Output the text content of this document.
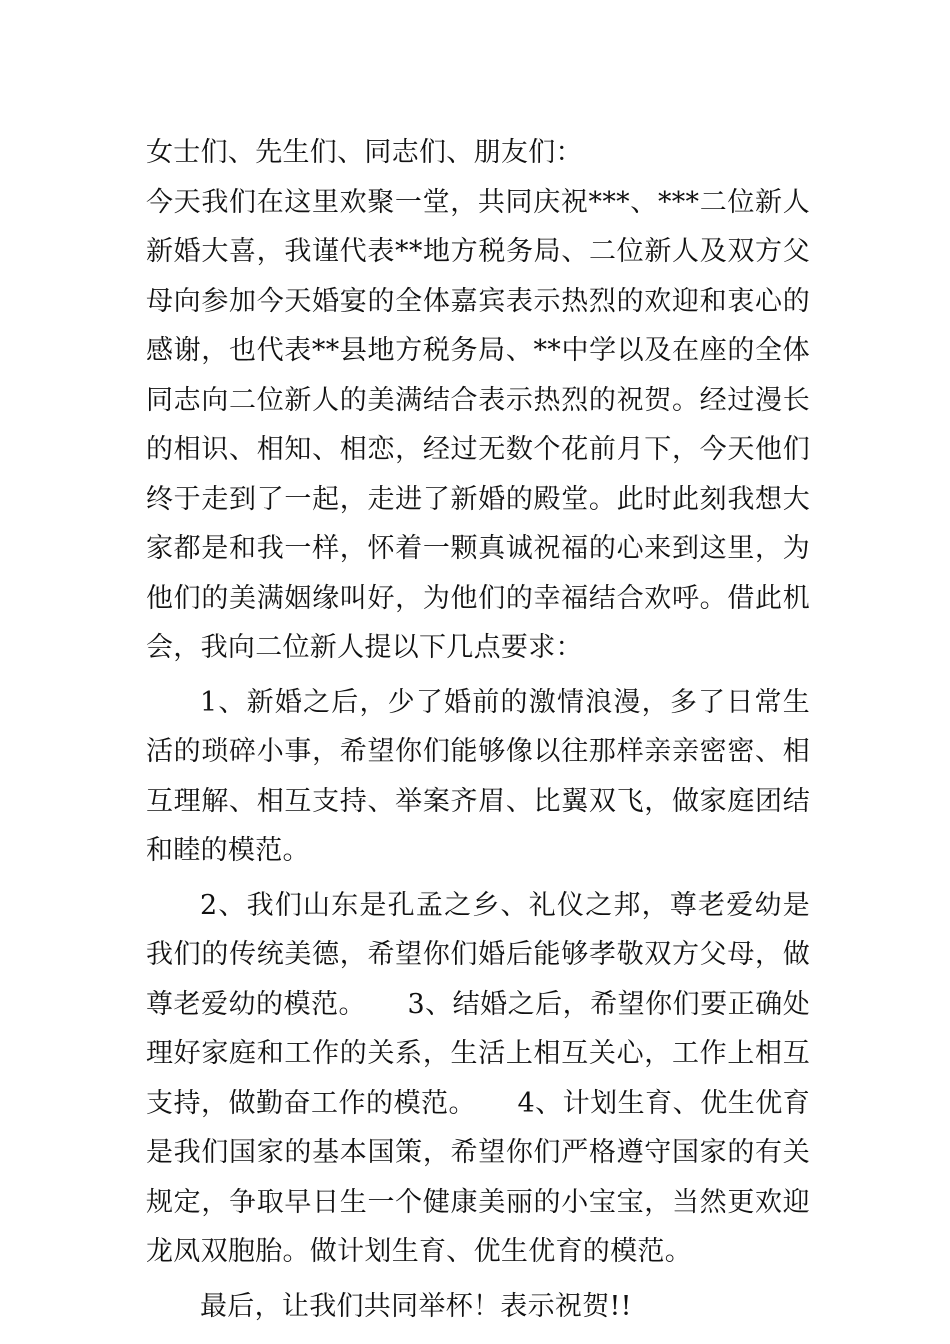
女士们、先生们、同志们、朋友们：

今天我们在这里欢聚一堂，共同庆祝***、***二位新人新婚大喜，我谨代表**地方税务局、二位新人及双方父母向参加今天婚宴的全体嘉宾表示热烈的欢迎和衷心的感谢，也代表**县地方税务局、**中学以及在座的全体同志向二位新人的美满结合表示热烈的祝贺。经过漫长的相识、相知、相恋，经过无数个花前月下，今天他们终于走到了一起，走进了新婚的殿堂。此时此刻我想大家都是和我一样，怀着一颗真诚祝福的心来到这里，为他们的美满姻缘叫好，为他们的幸福结合欢呼。借此机会，我向二位新人提以下几点要求：

1、新婚之后，少了婚前的激情浪漫，多了日常生活的琐碎小事，希望你们能够像以往那样亲亲密密、相互理解、相互支持、举案齐眉、比翼双飞，做家庭团结和睦的模范。

2、我们山东是孔孟之乡、礼仪之邦，尊老爱幼是我们的传统美德，希望你们婚后能够孝敬双方父母，做尊老爱幼的模范。　　3、结婚之后，希望你们要正确处理好家庭和工作的关系，生活上相互关心，工作上相互支持，做勤奋工作的模范。　　4、计划生育、优生优育是我们国家的基本国策，希望你们严格遵守国家的有关规定，争取早日生一个健康美丽的小宝宝，当然更欢迎龙凤双胞胎。做计划生育、优生优育的模范。

最后，让我们共同举杯！表示祝贺!!
